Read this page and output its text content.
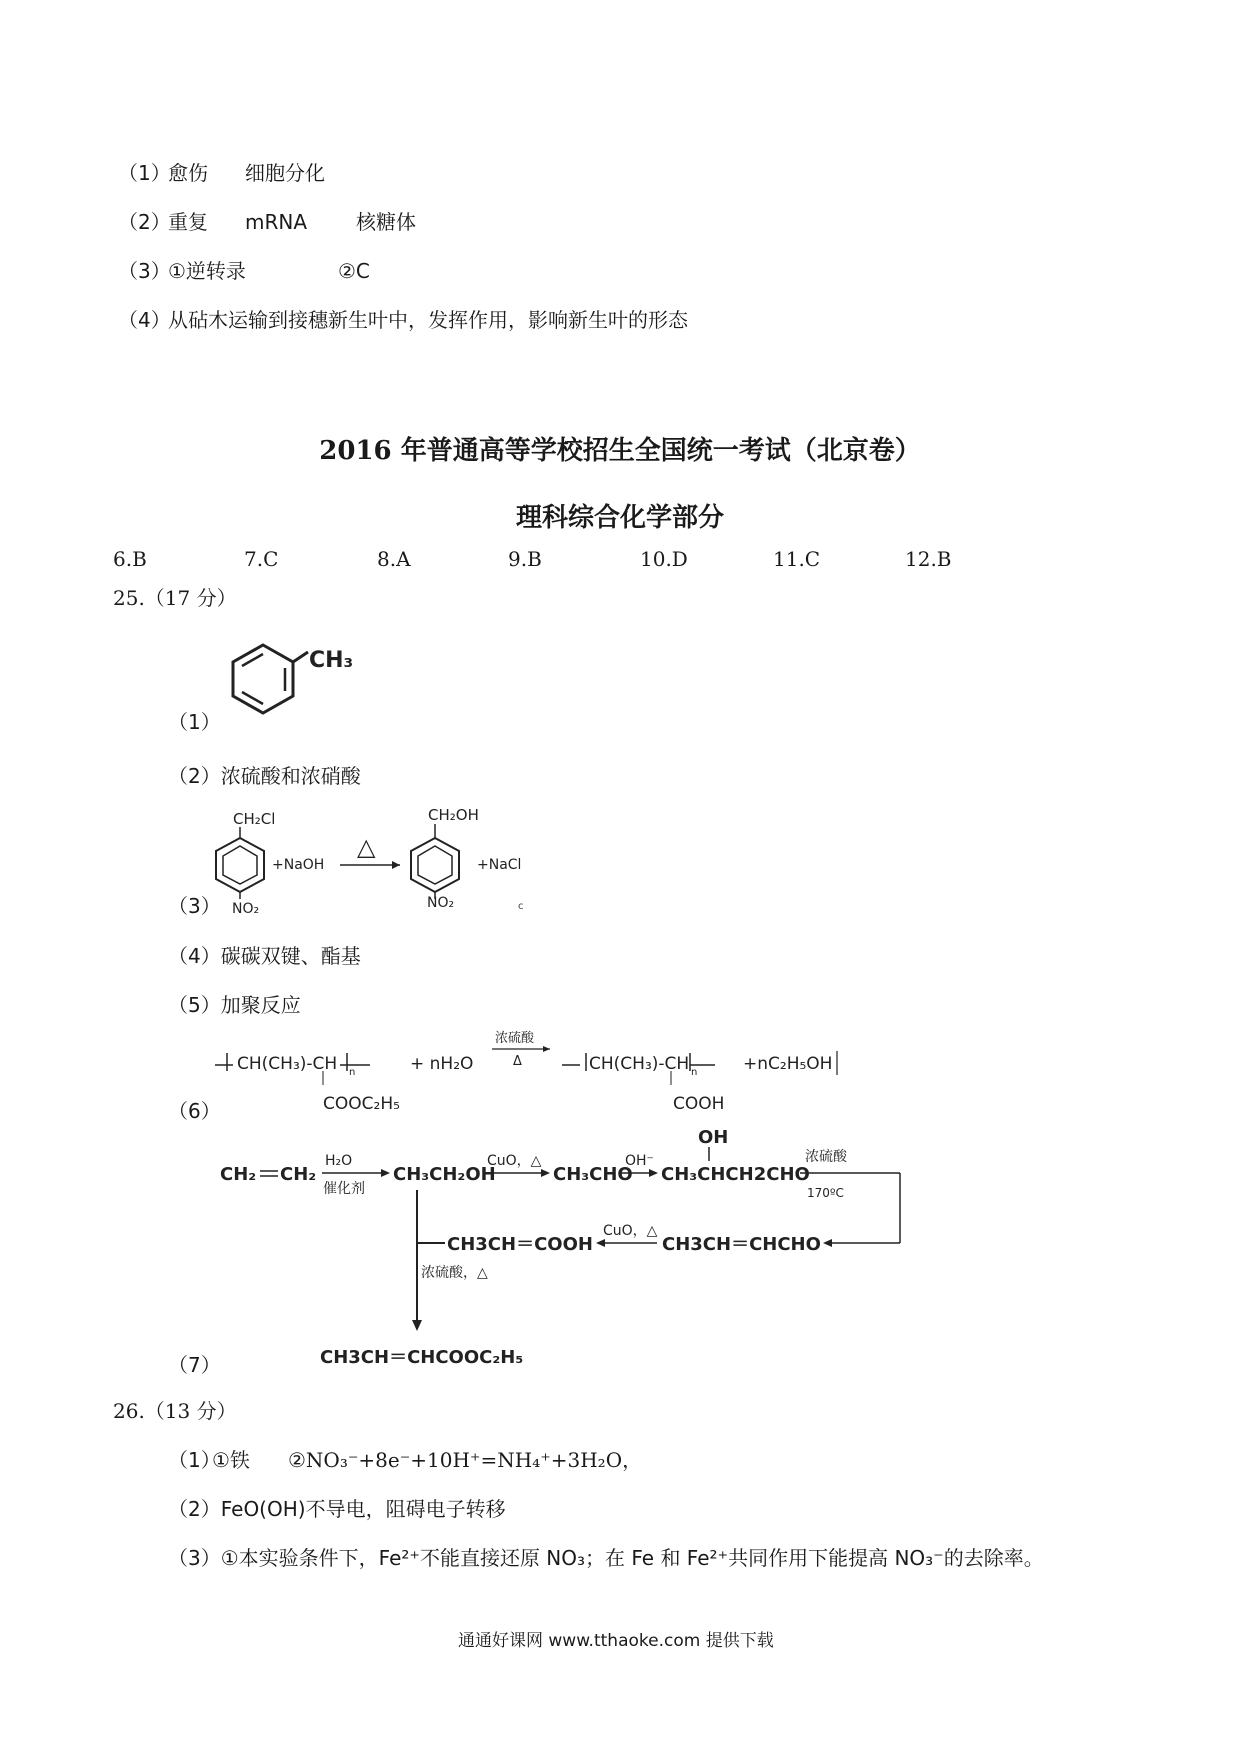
（1）
愈伤 细胞分化
（2）
重复 mRNA 核糖体
（3）
①逆转录	②C
（4）
从砧木运输到接穗新生叶中，发挥作用，影响新生叶的形态
2016 年普通高等学校招生全国统一考试（北京卷）
理科综合化学部分
6.B	7.C	8.A	9.B	10.D	11.C	12.B
25.（17 分）
CH₃
（1）
（2）浓硫酸和浓硝酸
CH₂Cl
NO₂
+NaOH
△
CH₂OH
NO₂
+NaCl
c
（3）
（4）碳碳双键、酯基
（5）加聚反应
CH(CH₃)-CH n
COOC₂H₅
+ nH₂O
浓硫酸
Δ	CH(CH₃)-CH n
COOH
+nC₂H₅OH
（6）
CH₂ CH₂
H₂O
催化剂
CH₃CH₂OH
CuO，△
CH₃CHO
OH⁻
OH
CH₃CHCH2CHO
浓硫酸
170ºC
CH3CH＝CHCHO
CuO，△
CH3CH＝COOH
浓硫酸，△
CH3CH＝CHCOOC₂H₅
（7）
26.（13 分）
（1）
①铁 ②NO₃⁻+8e⁻+10H⁺=NH₄⁺+3H₂O，
（2）FeO(OH)不导电，阻碍电子转移
（3）①本实验条件下，Fe²⁺不能直接还原 NO₃；在 Fe 和 Fe²⁺共同作用下能提高 NO₃⁻的去除率。
通通好课网 www.tthaoke.com 提供下载
